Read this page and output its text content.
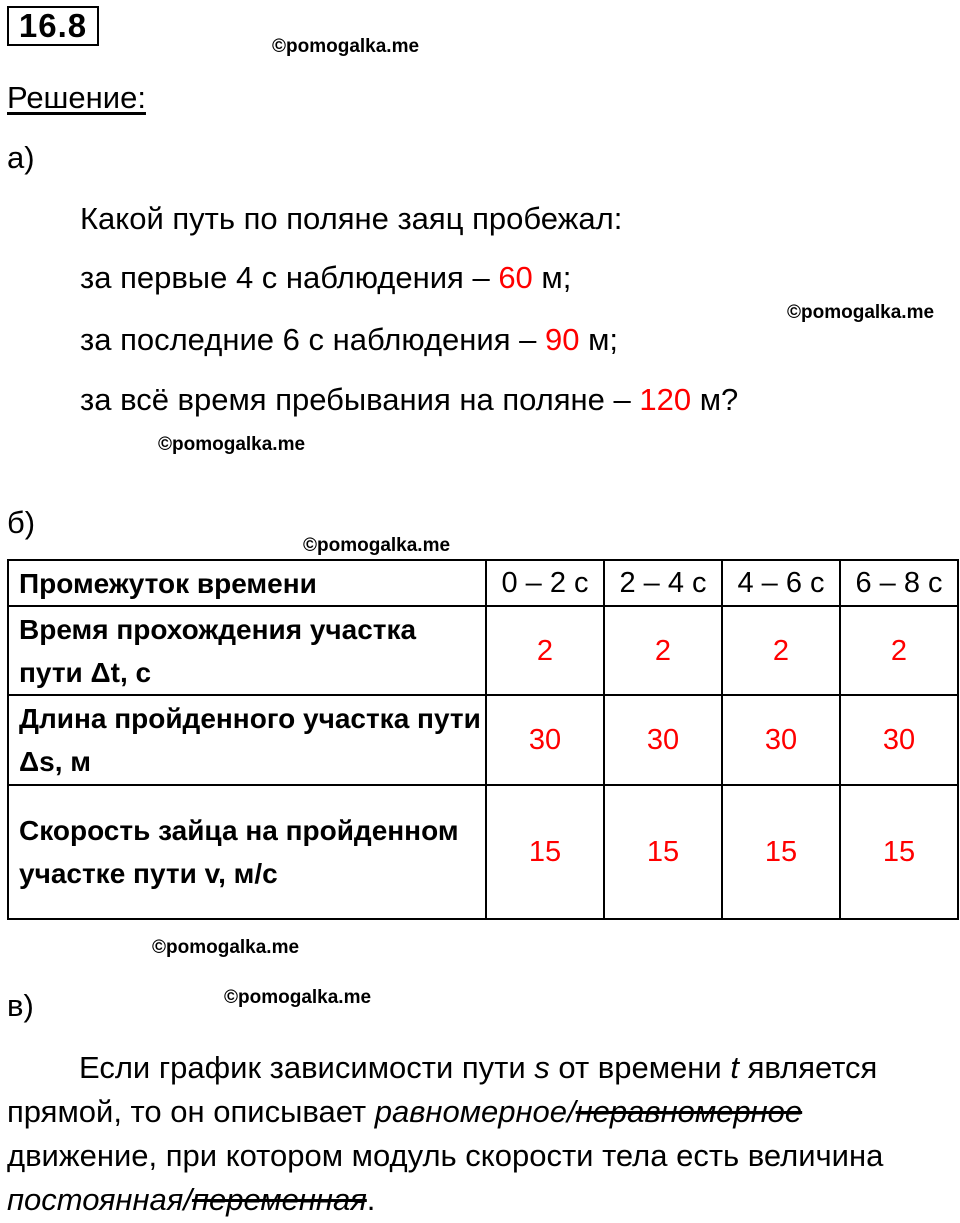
16.8
©pomogalka.me
Решение:
а)
Какой путь по поляне заяц пробежал:
за первые 4 с наблюдения – 60 м;
©pomogalka.me
за последние 6 с наблюдения – 90 м;
за всё время пребывания на поляне – 120 м?
©pomogalka.me
б)
©pomogalka.me
Промежуток времени	0 – 2 с	2 – 4 с	4 – 6 с	6 – 8 с
Время прохождения участка пути Δt, с	2	2	2	2
Длина пройденного участка пути Δs, м	30	30	30	30
Скорость зайца на пройденном участке пути v, м/с	15	15	15	15
©pomogalka.me
в)	©pomogalka.me
Если график зависимости пути s от времени t является прямой, то он описывает равномерное/неравномерное движение, при котором модуль скорости тела есть величина постоянная/переменная.
